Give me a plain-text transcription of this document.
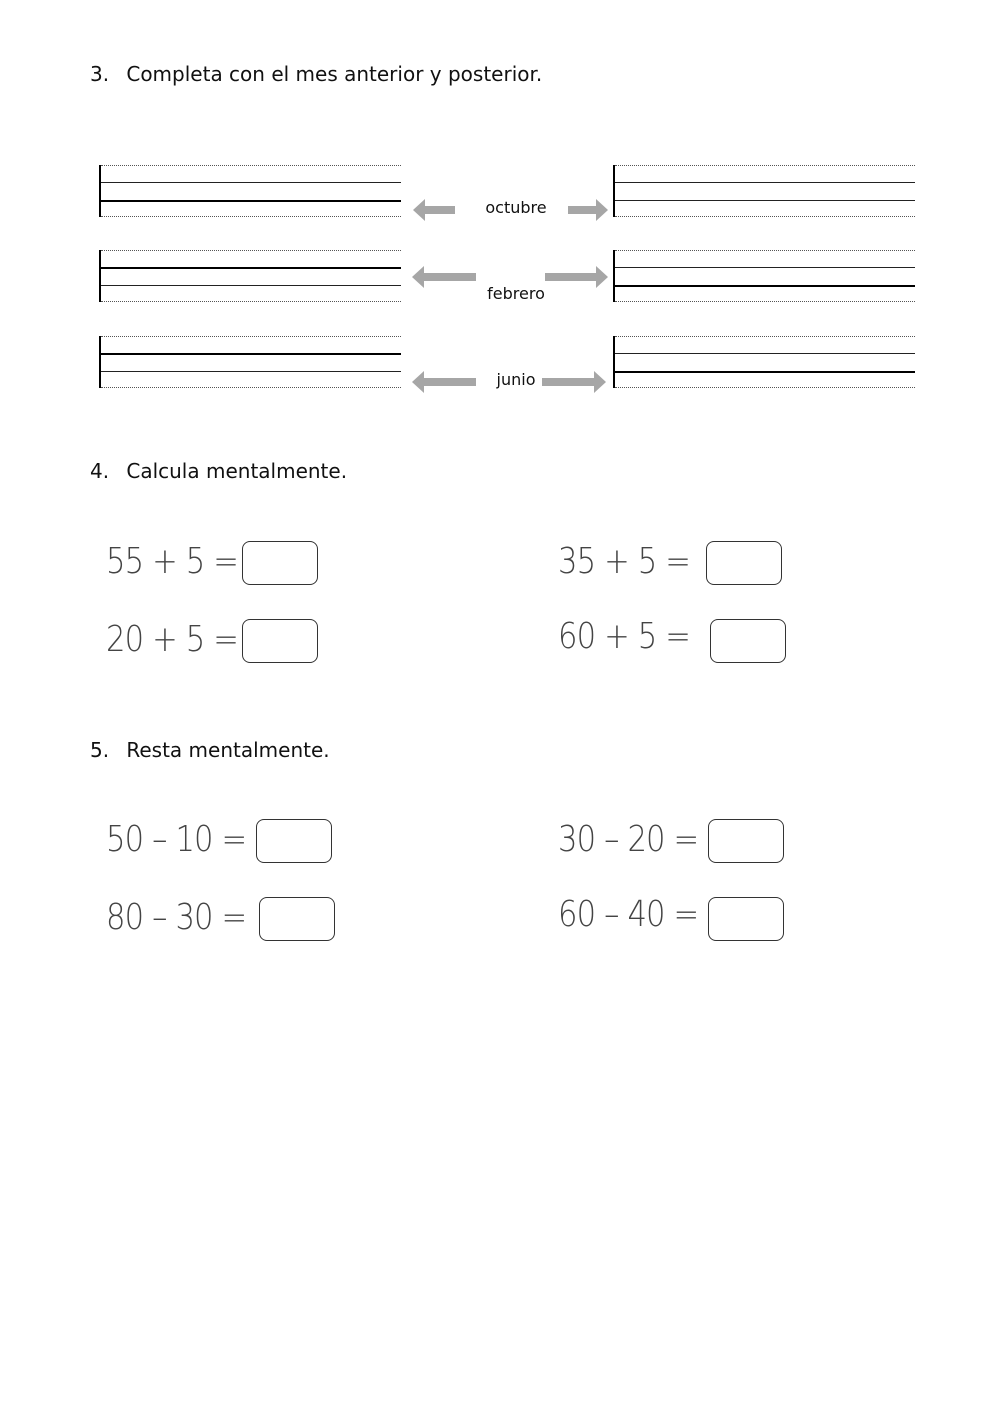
3. Completa con el mes anterior y posterior.
octubre
febrero
junio
4. Calcula mentalmente.
55 + 5 =	35 + 5 =
20 + 5 =	60 + 5 =
5. Resta mentalmente.
50 – 10 =	30 – 20 =
80 – 30 =	60 – 40 =
